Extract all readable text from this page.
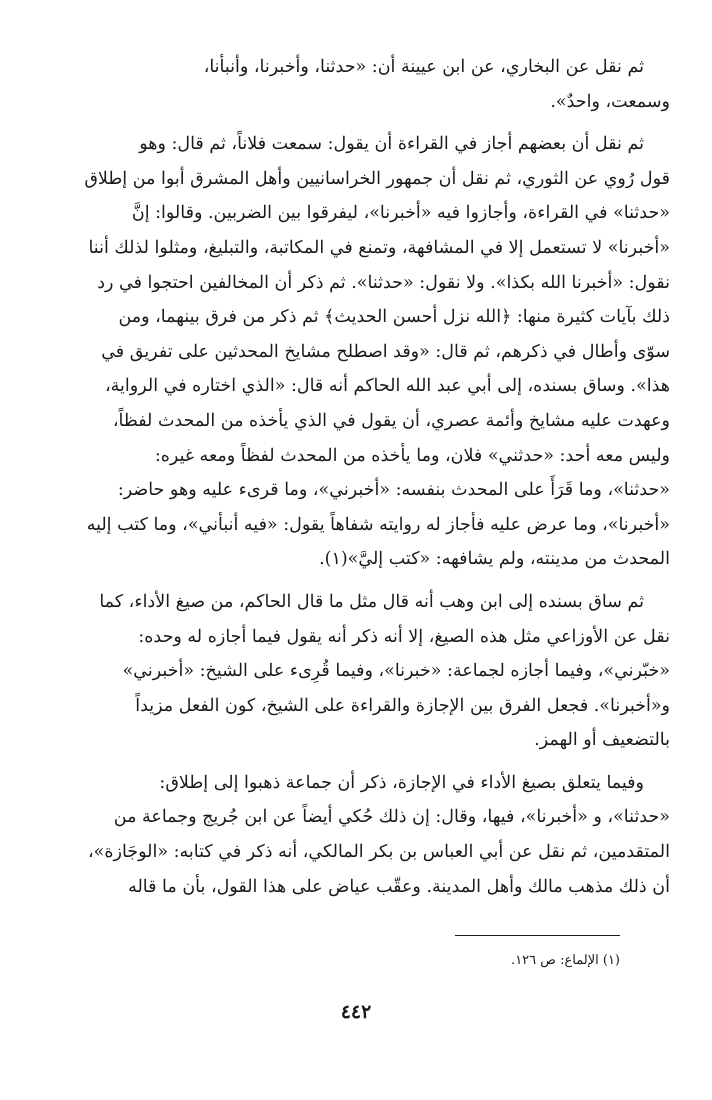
ثم نقل عن البخاري، عن ابن عيينة أن: «حدثنا، وأخبرنا، وأنبأنا،

وسمعت، واحدٌ».

ثم نقل أن بعضهم أجاز في القراءة أن يقول: سمعت فلاناً، ثم قال: وهو

قول رُوي عن الثوري، ثم نقل أن جمهور الخراسانيين وأهل المشرق أبوا من إطلاق

«حدثنا» في القراءة، وأجازوا فيه «أخبرنا»، ليفرقوا بين الضربين. وقالوا: إنَّ

«أخبرنا» لا تستعمل إلا في المشافهة، وتمنع في المكاتبة، والتبليغ، ومثلوا لذلك أننا

نقول: «أخبرنا الله بكذا». ولا نقول: «حدثنا». ثم ذكر أن المخالفين احتجوا في رد

ذلك بآيات كثيرة منها: ﴿الله نزل أحسن الحديث﴾ ثم ذكر من فرق بينهما، ومن

سوّى وأطال في ذكرهم، ثم قال: «وقد اصطلح مشايخ المحدثين على تفريق في

هذا». وساق بسنده، إلى أبي عبد الله الحاكم أنه قال: «الذي اختاره في الرواية،

وعهدت عليه مشايخ وأئمة عصري، أن يقول في الذي يأخذه من المحدث لفظاً،

وليس معه أحد: «حدثني» فلان، وما يأخذه من المحدث لفظاً ومعه غيره:

«حدثنا»، وما قَرَأَ على المحدث بنفسه: «أخبرني»، وما قرىء عليه وهو حاضر:

«أخبرنا»، وما عرض عليه فأجاز له روايته شفاهاً يقول: «فيه أنبأني»، وما كتب إليه

المحدث من مدينته، ولم يشافهه: «كتب إليَّ»(١).

ثم ساق بسنده إلى ابن وهب أنه قال مثل ما قال الحاكم، من صيغ الأداء، كما

نقل عن الأوزاعي مثل هذه الصيغ، إلا أنه ذكر أنه يقول فيما أجازه له وحده:

«خبّرني»، وفيما أجازه لجماعة: «خبرنا»، وفيما قُرِىء على الشيخ: «أخبرني»

و«أخبرنا». فجعل الفرق بين الإجازة والقراءة على الشيخ، كون الفعل مزيداً

بالتضعيف أو الهمز.

وفيما يتعلق بصيغ الأداء في الإجازة، ذكر أن جماعة ذهبوا إلى إطلاق:

«حدثنا»، و «أخبرنا»، فيها، وقال: إن ذلك حُكي أيضاً عن ابن جُريج وجماعة من

المتقدمين، ثم نقل عن أبي العباس بن بكر المالكي، أنه ذكر في كتابه: «الوجَازة»،

أن ذلك مذهب مالك وأهل المدينة. وعقّب عياض على هذا القول، بأن ما قاله

(١) الإلماع: ص ١٢٦.
٤٤٢
